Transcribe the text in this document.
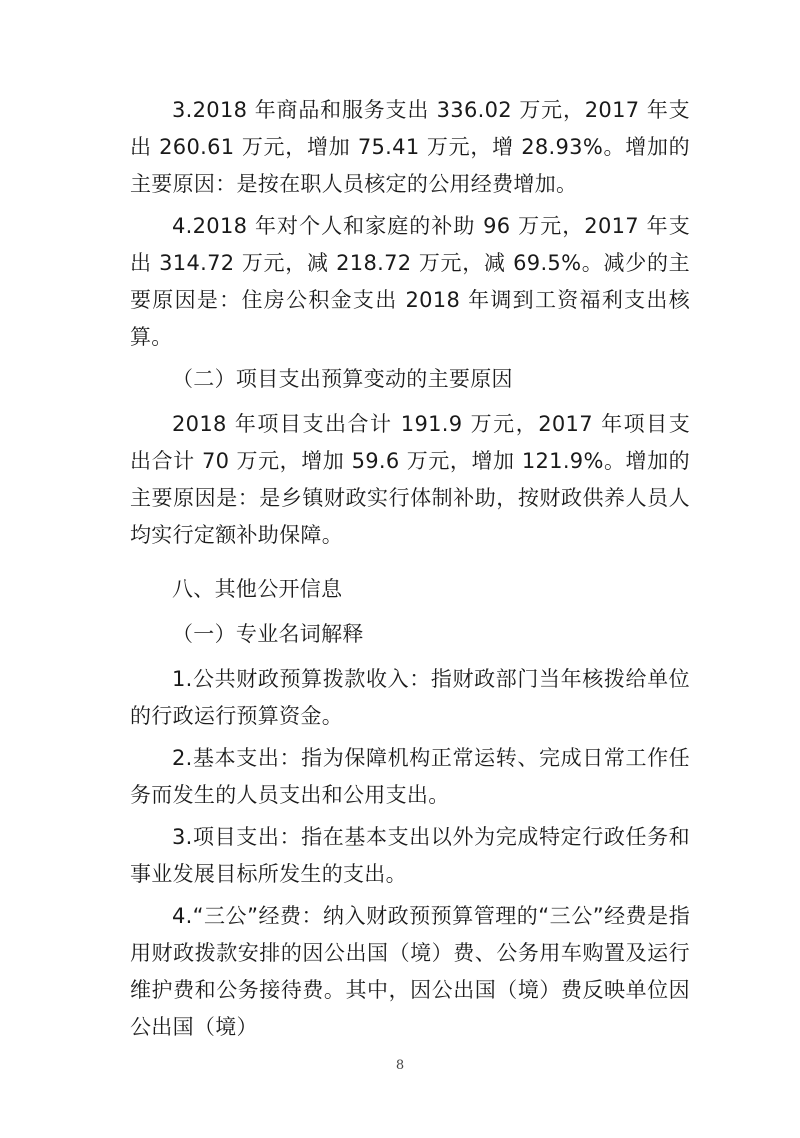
3.2018 年商品和服务支出 336.02 万元，2017 年支出 260.61 万元，增加 75.41 万元，增 28.93%。增加的主要原因：是按在职人员核定的公用经费增加。

4.2018 年对个人和家庭的补助 96 万元，2017 年支出 314.72 万元，减 218.72 万元，减 69.5%。减少的主要原因是：住房公积金支出 2018 年调到工资福利支出核算。

（二）项目支出预算变动的主要原因

2018 年项目支出合计 191.9 万元，2017 年项目支出合计 70 万元，增加 59.6 万元，增加 121.9%。增加的主要原因是：是乡镇财政实行体制补助，按财政供养人员人均实行定额补助保障。

八、其他公开信息

（一）专业名词解释

1.公共财政预算拨款收入：指财政部门当年核拨给单位的行政运行预算资金。

2.基本支出：指为保障机构正常运转、完成日常工作任务而发生的人员支出和公用支出。

3.项目支出：指在基本支出以外为完成特定行政任务和事业发展目标所发生的支出。

4.“三公”经费：纳入财政预预算管理的“三公”经费是指用财政拨款安排的因公出国（境）费、公务用车购置及运行维护费和公务接待费。其中，因公出国（境）费反映单位因公出国（境）

8
